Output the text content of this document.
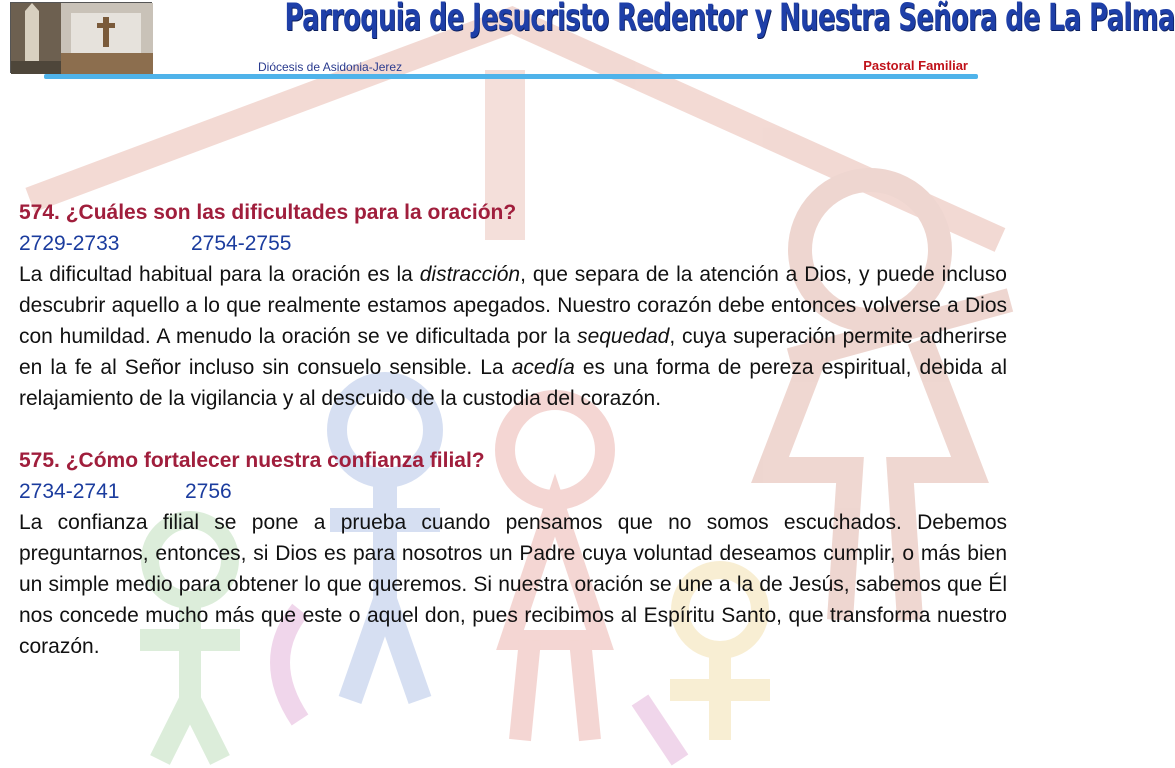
Parroquia de Jesucristo Redentor y Nuestra Señora de La Palma
Diócesis de Asidonia-Jerez	Pastoral Familiar
574. ¿Cuáles son las dificultades para la oración?
2729-2733	2754-2755

La dificultad habitual para la oración es la distracción, que separa de la atención a Dios, y puede incluso descubrir aquello a lo que realmente estamos apegados. Nuestro corazón debe entonces volverse a Dios con humildad. A menudo la oración se ve dificultada por la sequedad, cuya superación permite adherirse en la fe al Señor incluso sin consuelo sensible. La acedía es una forma de pereza espiritual, debida al relajamiento de la vigilancia y al descuido de la custodia del corazón.

575. ¿Cómo fortalecer nuestra confianza filial?
2734-2741	2756

La confianza filial se pone a prueba cuando pensamos que no somos escuchados. Debemos preguntarnos, entonces, si Dios es para nosotros un Padre cuya voluntad deseamos cumplir, o más bien un simple medio para obtener lo que queremos. Si nuestra oración se une a la de Jesús, sabemos que Él nos concede mucho más que este o aquel don, pues recibimos al Espíritu Santo, que transforma nuestro corazón.
